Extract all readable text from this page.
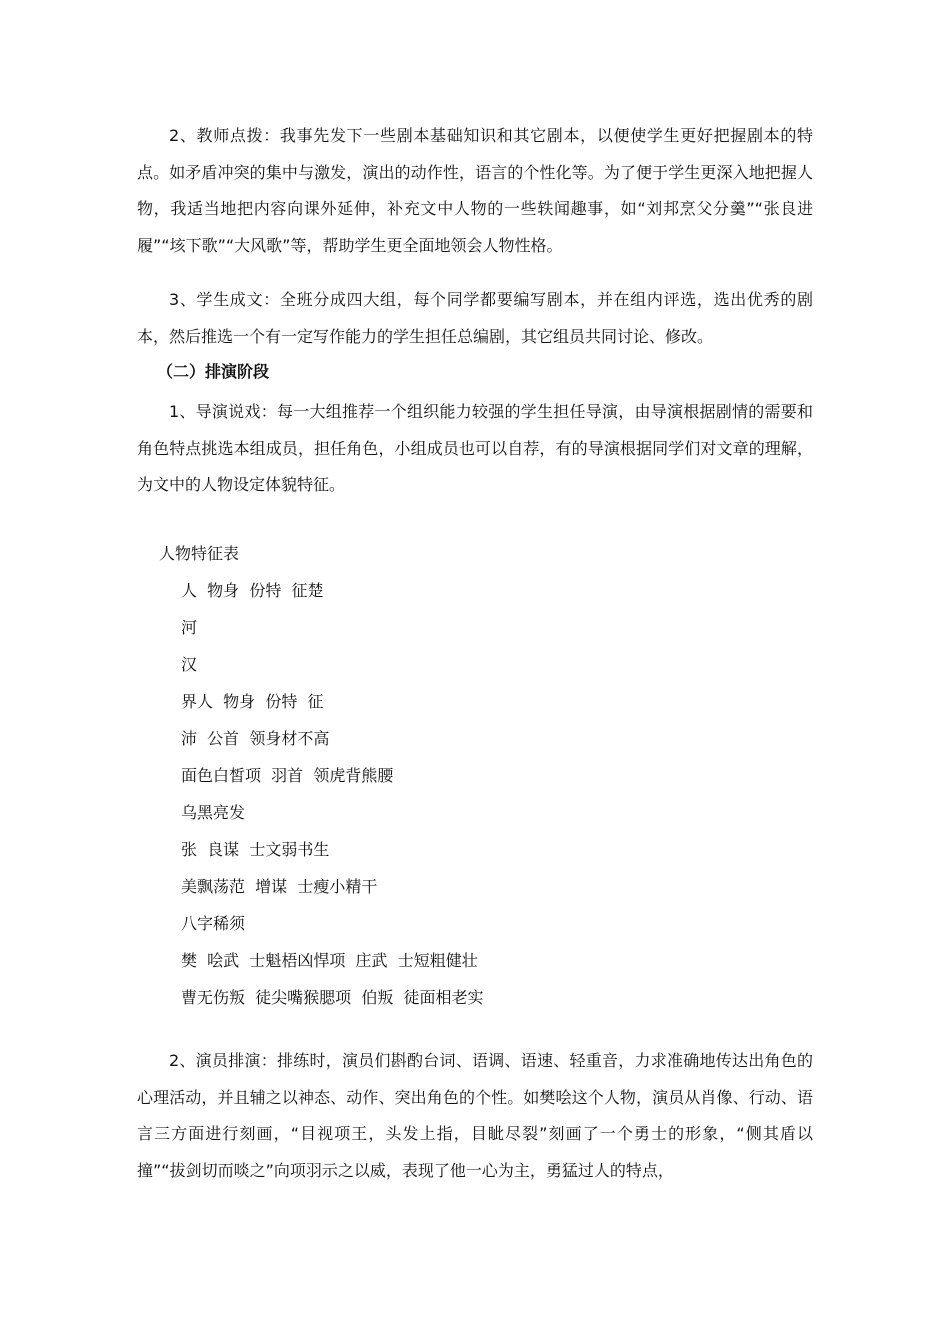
2、教师点拨：我事先发下一些剧本基础知识和其它剧本，以便使学生更好把握剧本的特点。如矛盾冲突的集中与激发，演出的动作性，语言的个性化等。为了便于学生更深入地把握人物，我适当地把内容向课外延伸，补充文中人物的一些轶闻趣事，如“刘邦烹父分羹”“张良进履”“垓下歌”“大风歌”等，帮助学生更全面地领会人物性格。

3、学生成文：全班分成四大组，每个同学都要编写剧本，并在组内评选，选出优秀的剧本，然后推选一个有一定写作能力的学生担任总编剧，其它组员共同讨论、修改。

（二）排演阶段

1、导演说戏：每一大组推荐一个组织能力较强的学生担任导演，由导演根据剧情的需要和角色特点挑选本组成员，担任角色，小组成员也可以自荐，有的导演根据同学们对文章的理解，为文中的人物设定体貌特征。

人物特征表

人  物身  份特  征楚

河

汉

界人  物身  份特  征

沛  公首  领身材不高

面色白皙项  羽首  领虎背熊腰

乌黑亮发

张  良谋  士文弱书生

美飘荡范  增谋  士瘦小精干

八字稀须

樊  哙武  士魁梧凶悍项  庄武  士短粗健壮

曹无伤叛  徒尖嘴猴腮项  伯叛  徒面相老实

2、演员排演：排练时，演员们斟酌台词、语调、语速、轻重音，力求准确地传达出角色的心理活动，并且辅之以神态、动作、突出角色的个性。如樊哙这个人物，演员从肖像、行动、语言三方面进行刻画，“目视项王，头发上指，目眦尽裂”刻画了一个勇士的形象，“侧其盾以撞”“拔剑切而啖之”向项羽示之以威，表现了他一心为主，勇猛过人的特点，
